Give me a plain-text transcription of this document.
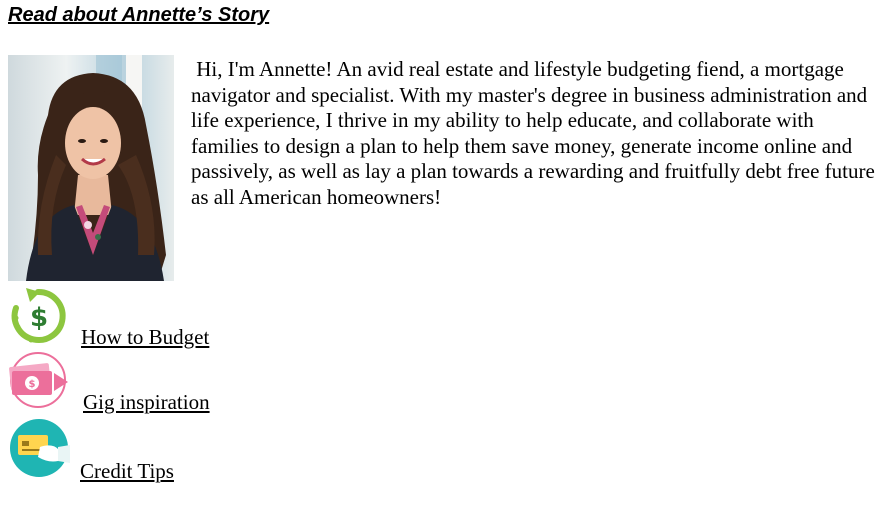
Read about Annette’s Story

Hi, I'm Annette! An avid real estate and lifestyle budgeting fiend, a mortgage navigator and specialist. With my master's degree in business administration and life experience, I thrive in my ability to help educate, and collaborate with families to design a plan to help them save money, generate income online and passively, as well as lay a plan towards a rewarding and fruitfully debt free future as all American homeowners!

$
How to Budget
$
Gig inspiration
Credit Tips
